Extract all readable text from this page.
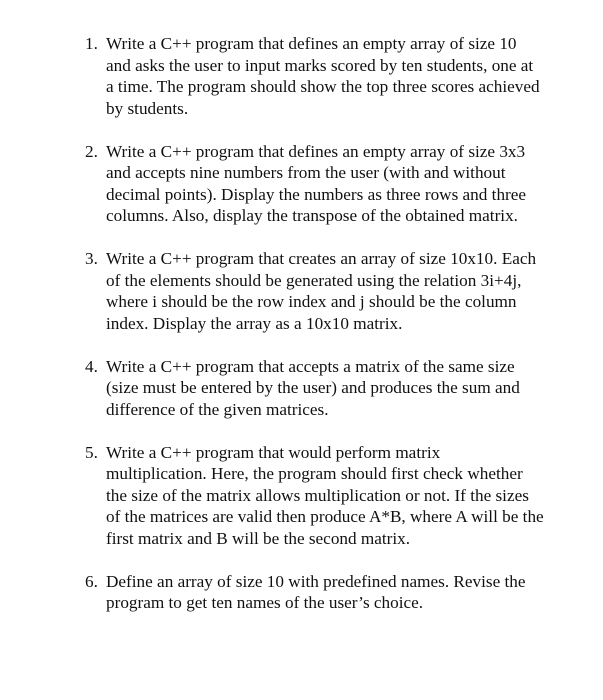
1. Write a C++ program that defines an empty array of size 10 and asks the user to input marks scored by ten students, one at a time. The program should show the top three scores achieved by students.
2. Write a C++ program that defines an empty array of size 3x3 and accepts nine numbers from the user (with and without decimal points). Display the numbers as three rows and three columns. Also, display the transpose of the obtained matrix.
3. Write a C++ program that creates an array of size 10x10. Each of the elements should be generated using the relation 3i+4j, where i should be the row index and j should be the column index. Display the array as a 10x10 matrix.
4. Write a C++ program that accepts a matrix of the same size (size must be entered by the user) and produces the sum and difference of the given matrices.
5. Write a C++ program that would perform matrix multiplication. Here, the program should first check whether the size of the matrix allows multiplication or not. If the sizes of the matrices are valid then produce A*B, where A will be the first matrix and B will be the second matrix.
6. Define an array of size 10 with predefined names. Revise the program to get ten names of the user’s choice.
